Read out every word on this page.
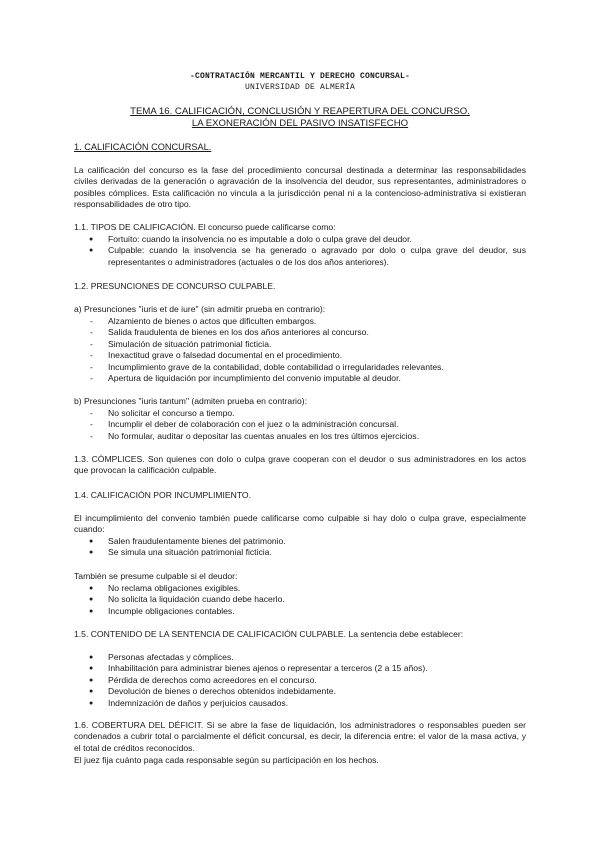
-CONTRATACIÓN MERCANTIL Y DERECHO CONCURSAL-
UNIVERSIDAD DE ALMERÍA
TEMA 16. CALIFICACIÓN, CONCLUSIÓN Y REAPERTURA DEL CONCURSO.
LA EXONERACIÓN DEL PASIVO INSATISFECHO
1. CALIFICACIÓN CONCURSAL.
La calificación del concurso es la fase del procedimiento concursal destinada a determinar las responsabilidades civiles derivadas de la generación o agravación de la insolvencia del deudor, sus representantes, administradores o posibles cómplices. Esta calificación no vincula a la jurisdicción penal ni a la contencioso-administrativa si existieran responsabilidades de otro tipo.
1.1. TIPOS DE CALIFICACIÓN. El concurso puede calificarse como:
● Fortuito: cuando la insolvencia no es imputable a dolo o culpa grave del deudor.
● Culpable: cuando la insolvencia se ha generado o agravado por dolo o culpa grave del deudor, sus representantes o administradores (actuales o de los dos años anteriores).
1.2. PRESUNCIONES DE CONCURSO CULPABLE.
a) Presunciones "iuris et de iure" (sin admitir prueba en contrario):
- Alzamiento de bienes o actos que dificulten embargos.
- Salida fraudulenta de bienes en los dos años anteriores al concurso.
- Simulación de situación patrimonial ficticia.
- Inexactitud grave o falsedad documental en el procedimiento.
- Incumplimiento grave de la contabilidad, doble contabilidad o irregularidades relevantes.
- Apertura de liquidación por incumplimiento del convenio imputable al deudor.
b) Presunciones "iuris tantum" (admiten prueba en contrario):
- No solicitar el concurso a tiempo.
- Incumplir el deber de colaboración con el juez o la administración concursal.
- No formular, auditar o depositar las cuentas anuales en los tres últimos ejercicios.
1.3. CÓMPLICES. Son quienes con dolo o culpa grave cooperan con el deudor o sus administradores en los actos que provocan la calificación culpable.
1.4. CALIFICACIÓN POR INCUMPLIMIENTO.
El incumplimiento del convenio también puede calificarse como culpable si hay dolo o culpa grave, especialmente cuando:
● Salen fraudulentamente bienes del patrimonio.
● Se simula una situación patrimonial ficticia.
También se presume culpable si el deudor:
● No reclama obligaciones exigibles.
● No solicita la liquidación cuando debe hacerlo.
● Incumple obligaciones contables.
1.5. CONTENIDO DE LA SENTENCIA DE CALIFICACIÓN CULPABLE. La sentencia debe establecer:
● Personas afectadas y cómplices.
● Inhabilitación para administrar bienes ajenos o representar a terceros (2 a 15 años).
● Pérdida de derechos como acreedores en el concurso.
● Devolución de bienes o derechos obtenidos indebidamente.
● Indemnización de daños y perjuicios causados.
1.6. COBERTURA DEL DÉFICIT. Si se abre la fase de liquidación, los administradores o responsables pueden ser condenados a cubrir total o parcialmente el déficit concursal, es decir, la diferencia entre: el valor de la masa activa, y el total de créditos reconocidos.
El juez fija cuánto paga cada responsable según su participación en los hechos.
